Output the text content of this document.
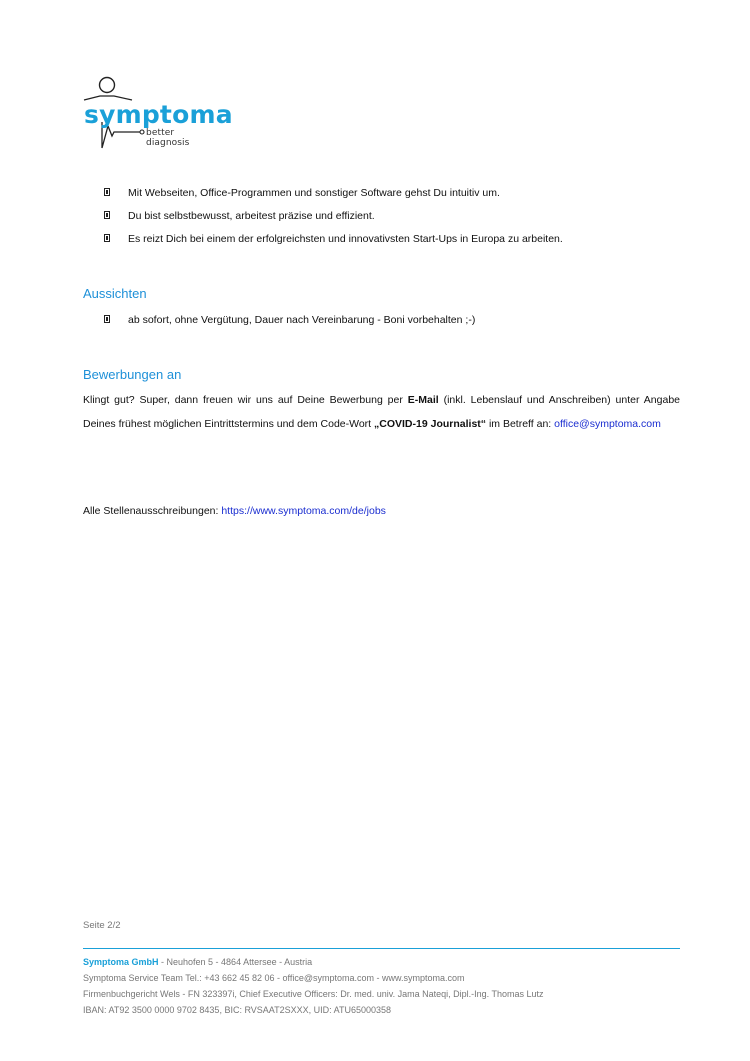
symptoma
better diagnosis
Mit Webseiten, Office-Programmen und sonstiger Software gehst Du intuitiv um.
Du bist selbstbewusst, arbeitest präzise und effizient.
Es reizt Dich bei einem der erfolgreichsten und innovativsten Start-Ups in Europa zu arbeiten.
Aussichten
ab sofort, ohne Vergütung, Dauer nach Vereinbarung - Boni vorbehalten ;-)
Bewerbungen an

Klingt gut? Super, dann freuen wir uns auf Deine Bewerbung per E-Mail (inkl. Lebenslauf und Anschreiben) unter Angabe Deines frühest möglichen Eintrittstermins und dem Code-Wort „COVID-19 Journalist“ im Betreff an: office@symptoma.com

Alle Stellenausschreibungen: https://www.symptoma.com/de/jobs

Seite 2/2

Symptoma GmbH - Neuhofen 5 - 4864 Attersee - Austria

Symptoma Service Team Tel.: +43 662 45 82 06 - office@symptoma.com - www.symptoma.com

Firmenbuchgericht Wels - FN 323397i, Chief Executive Officers: Dr. med. univ. Jama Nateqi, Dipl.-Ing. Thomas Lutz

IBAN: AT92 3500 0000 9702 8435, BIC: RVSAAT2SXXX, UID: ATU65000358
